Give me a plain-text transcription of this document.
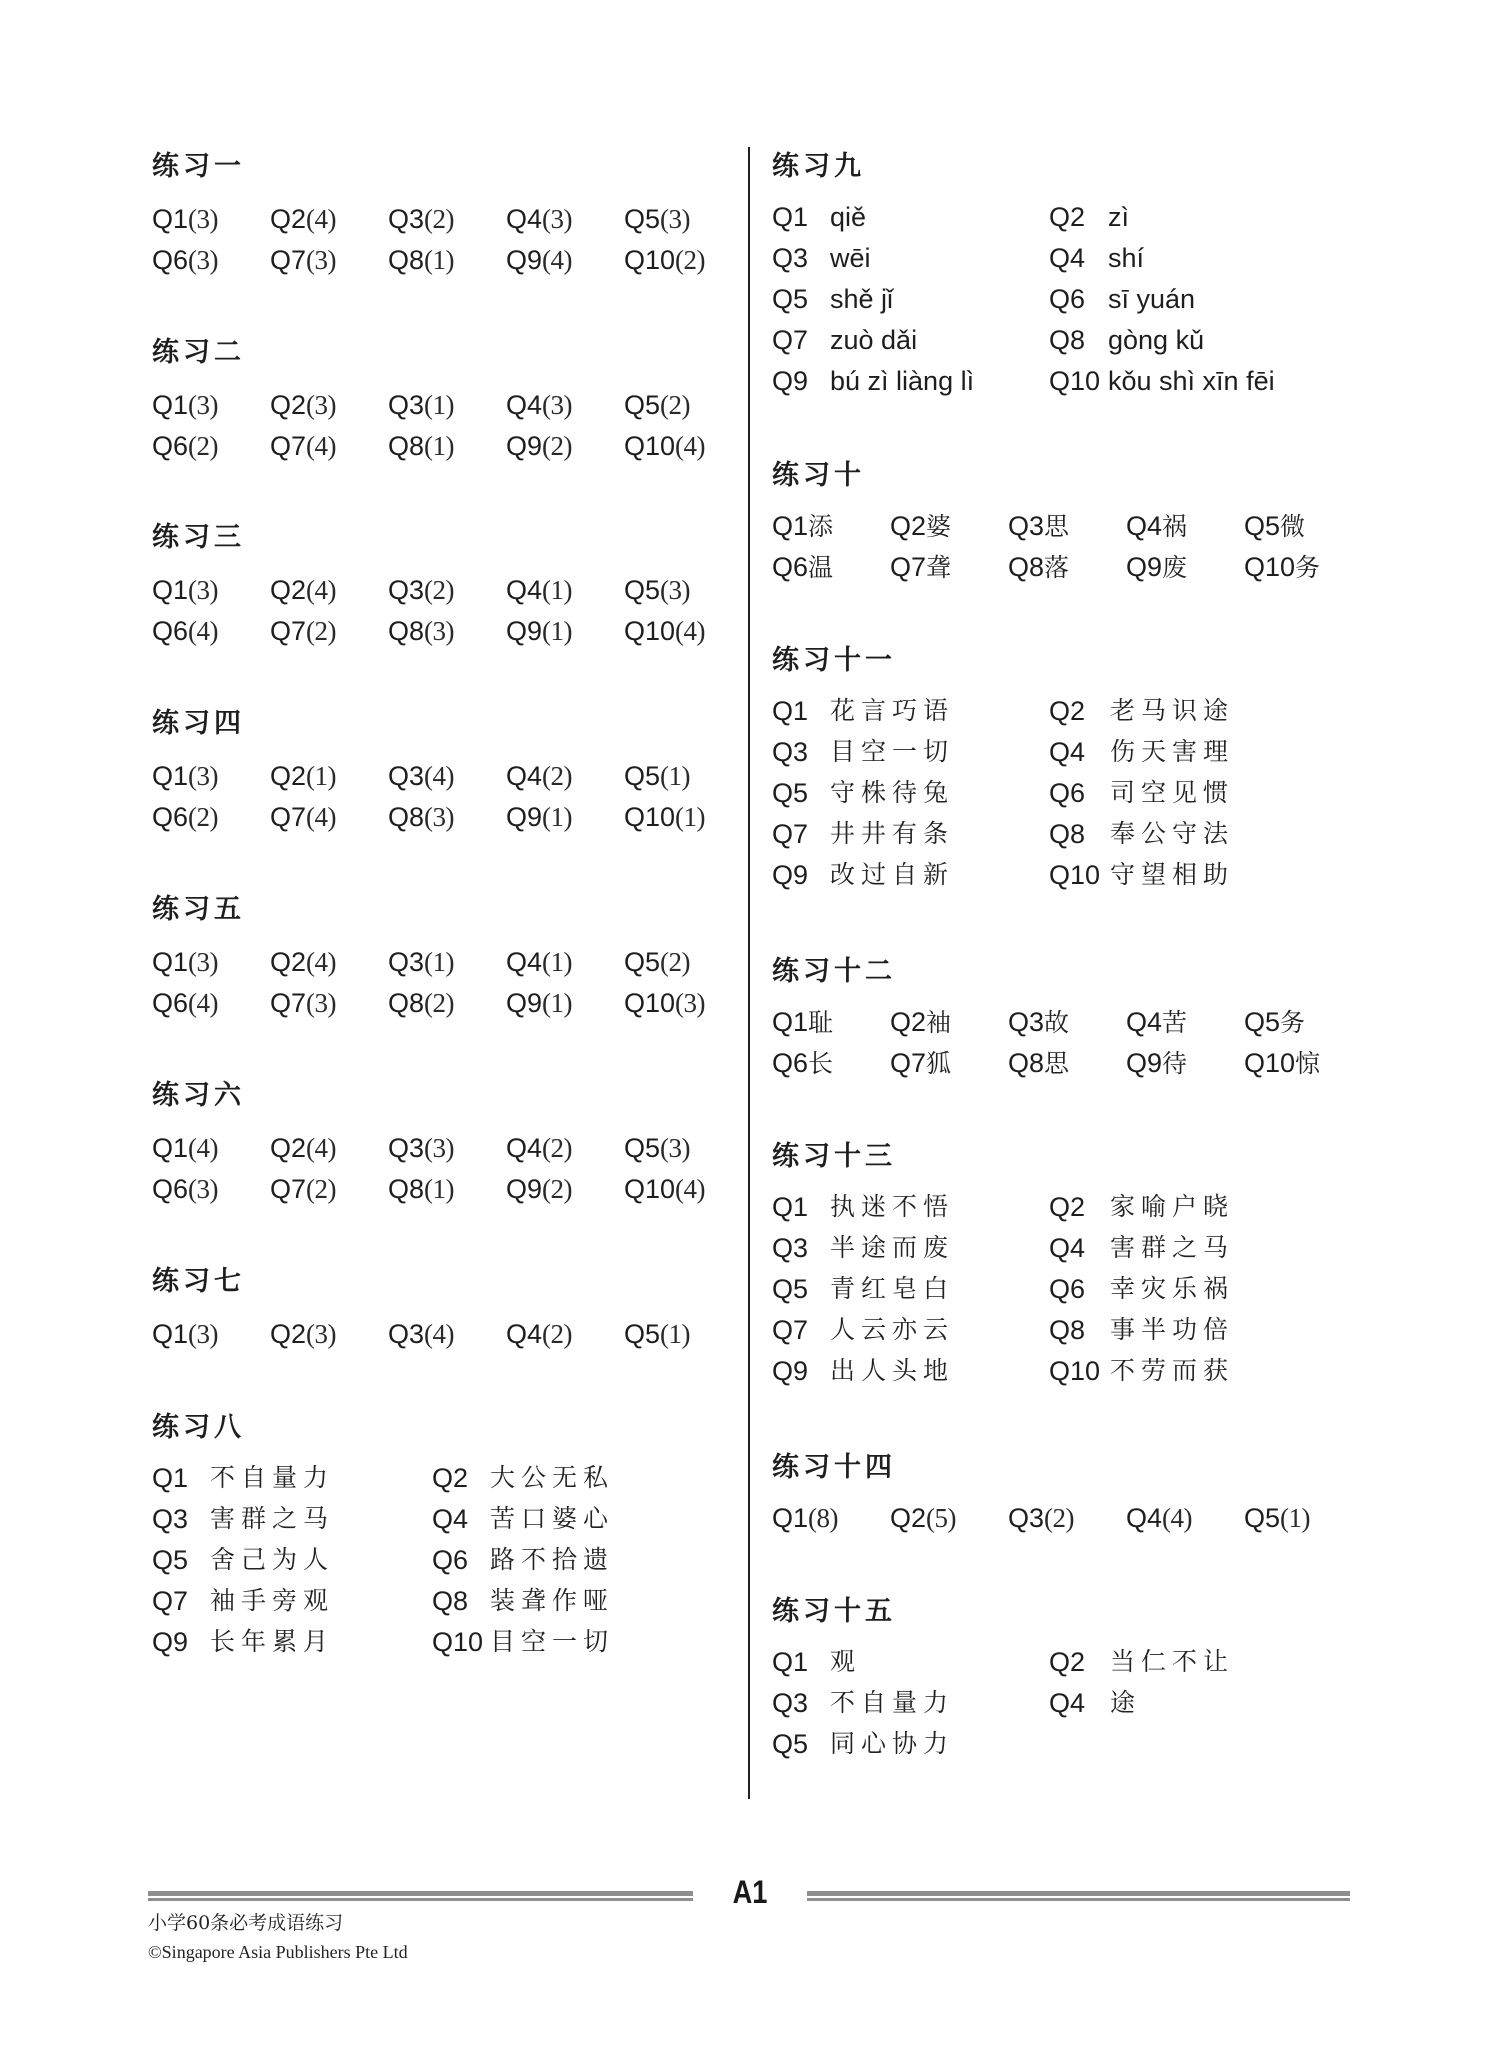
练习一
Q1(3) Q2(4) Q3(2) Q4(3) Q5(3)
Q6(3) Q7(3) Q8(1) Q9(4) Q10(2)
练习二
Q1(3) Q2(3) Q3(1) Q4(3) Q5(2)
Q6(2) Q7(4) Q8(1) Q9(2) Q10(4)
练习三
Q1(3) Q2(4) Q3(2) Q4(1) Q5(3)
Q6(4) Q7(2) Q8(3) Q9(1) Q10(4)
练习四
Q1(3) Q2(1) Q3(4) Q4(2) Q5(1)
Q6(2) Q7(4) Q8(3) Q9(1) Q10(1)
练习五
Q1(3) Q2(4) Q3(1) Q4(1) Q5(2)
Q6(4) Q7(3) Q8(2) Q9(1) Q10(3)
练习六
Q1(4) Q2(4) Q3(3) Q4(2) Q5(3)
Q6(3) Q7(2) Q8(1) Q9(2) Q10(4)
练习七
Q1(3) Q2(3) Q3(4) Q4(2) Q5(1)
练习八
Q1 不自量力	Q2 大公无私
Q3 害群之马	Q4 苦口婆心
Q5 舍己为人	Q6 路不拾遗
Q7 袖手旁观	Q8 装聋作哑
Q9 长年累月	Q10 目空一切
练习九
Q1 qiě	Q2 zì
Q3 wēi	Q4 shí
Q5 shě jǐ	Q6 sī yuán
Q7 zuò dǎi	Q8 gòng kǔ
Q9 bú zì liàng lì	Q10 kǒu shì xīn fēi
练习十
Q1添 Q2婆 Q3思 Q4祸 Q5微
Q6温 Q7聋 Q8落 Q9废 Q10务
练习十一
Q1 花言巧语	Q2 老马识途
Q3 目空一切	Q4 伤天害理
Q5 守株待兔	Q6 司空见惯
Q7 井井有条	Q8 奉公守法
Q9 改过自新	Q10 守望相助
练习十二
Q1耻 Q2袖 Q3故 Q4苦 Q5务
Q6长 Q7狐 Q8思 Q9待 Q10惊
练习十三
Q1 执迷不悟	Q2 家喻户晓
Q3 半途而废	Q4 害群之马
Q5 青红皂白	Q6 幸灾乐祸
Q7 人云亦云	Q8 事半功倍
Q9 出人头地	Q10 不劳而获
练习十四
Q1(8) Q2(5) Q3(2) Q4(4) Q5(1)
练习十五
Q1 观	Q2 当仁不让
Q3 不自量力	Q4 途
Q5 同心协力
A1
小学60条必考成语练习
©Singapore Asia Publishers Pte Ltd
